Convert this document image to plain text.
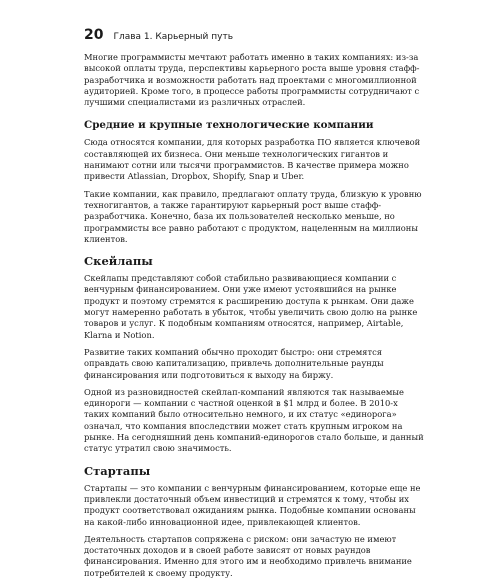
20 Глава 1. Карьерный путь

Многие программисты мечтают работать именно в таких компаниях: из-за высокой оплаты труда, перспективы карьерного роста выше уровня стафф-разработчика и возможности работать над проектами с многомиллионной аудиторией. Кроме того, в процессе работы программисты сотрудничают с лучшими специалистами из различных отраслей.

Средние и крупные технологические компании

Сюда относятся компании, для которых разработка ПО является ключевой составляющей их бизнеса. Они меньше технологических гигантов и нанимают сотни или тысячи программистов. В качестве примера можно привести Atlassian, Dropbox, Shopify, Snap и Uber.

Такие компании, как правило, предлагают оплату труда, близкую к уровню техногигантов, а также гарантируют карьерный рост выше стафф-разработчика. Конечно, база их пользователей несколько меньше, но программисты все равно работают с продуктом, нацеленным на миллионы клиентов.

Скейлапы

Скейлапы представляют собой стабильно развивающиеся компании с венчурным финансированием. Они уже имеют устоявшийся на рынке продукт и поэтому стремятся к расширению доступа к рынкам. Они даже могут намеренно работать в убыток, чтобы увеличить свою долю на рынке товаров и услуг. К подобным компаниям относятся, например, Airtable, Klarna и Notion.

Развитие таких компаний обычно проходит быстро: они стремятся оправдать свою капитализацию, привлечь дополнительные раунды финансирования или подготовиться к выходу на биржу.

Одной из разновидностей скейлап-компаний являются так называемые единороги — компании с частной оценкой в $1 млрд и более. В 2010-х таких компаний было относительно немного, и их статус «единорога» означал, что компания впоследствии может стать крупным игроком на рынке. На сегодняшний день компаний-единорогов стало больше, и данный статус утратил свою значимость.

Стартапы

Стартапы — это компании с венчурным финансированием, которые еще не привлекли достаточный объем инвестиций и стремятся к тому, чтобы их продукт соответствовал ожиданиям рынка. Подобные компании основаны на какой-либо инновационной идее, привлекающей клиентов.

Деятельность стартапов сопряжена с риском: они зачастую не имеют достаточных доходов и в своей работе зависят от новых раундов финансирования. Именно для этого им и необходимо привлечь внимание потребителей к своему продукту.
